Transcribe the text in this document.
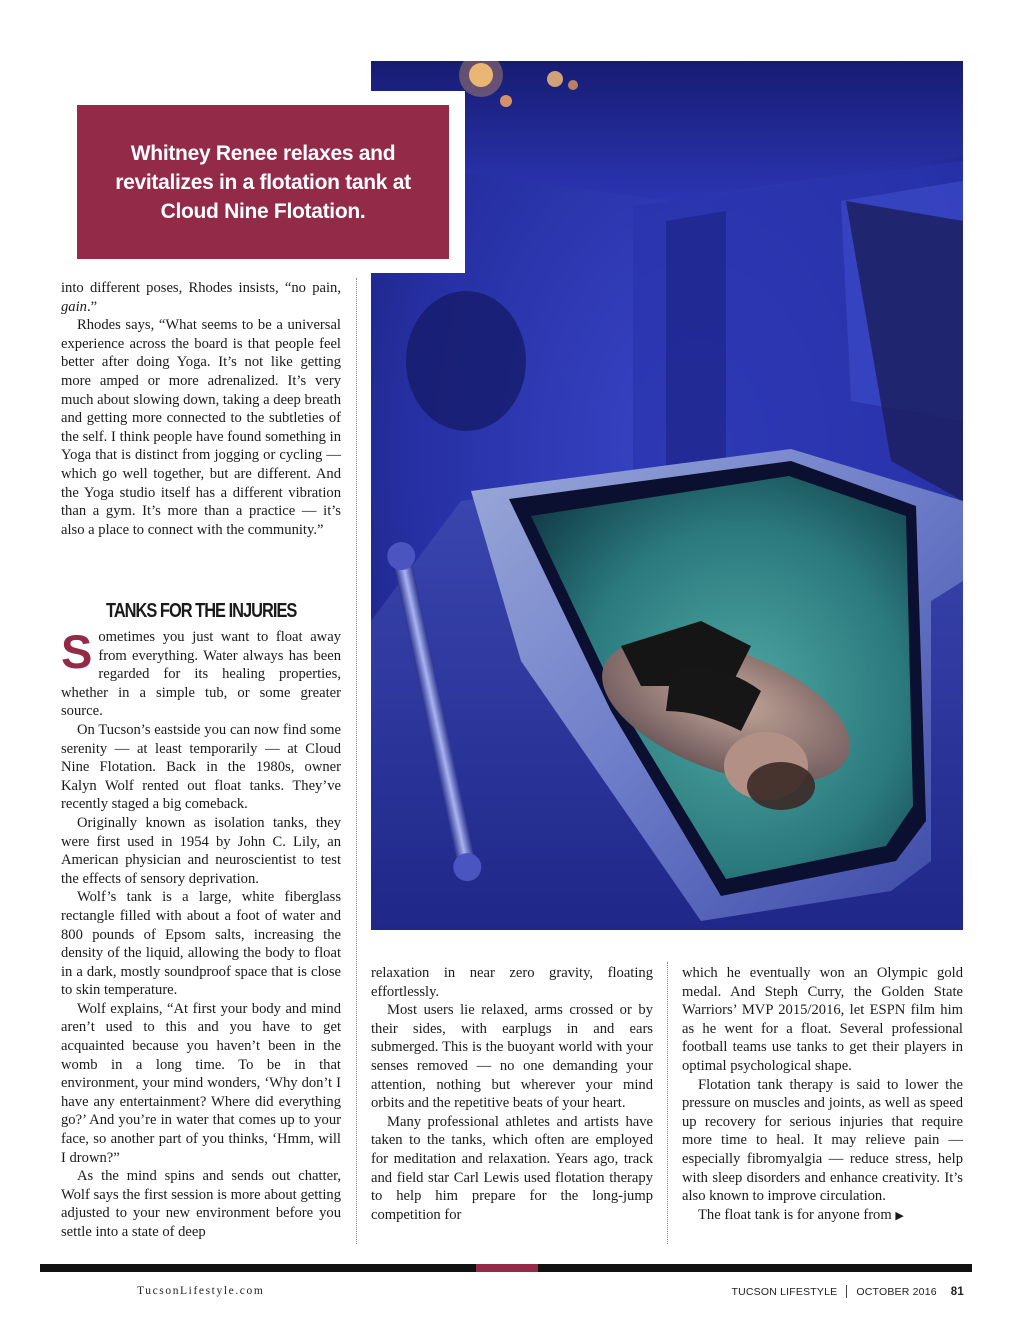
Whitney Renee relaxes and revitalizes in a flotation tank at Cloud Nine Flotation.

into different poses, Rhodes insists, “no pain, gain.”

Rhodes says, “What seems to be a universal experience across the board is that people feel better after doing Yoga. It’s not like getting more amped or more adrenalized. It’s very much about slowing down, taking a deep breath and getting more connected to the subtleties of the self. I think people have found something in Yoga that is distinct from jogging or cycling — which go well together, but are different. And the Yoga studio itself has a different vibration than a gym. It’s more than a practice — it’s also a place to connect with the community.”

TANKS FOR THE INJURIES

Sometimes you just want to float away from everything. Water always has been regarded for its healing properties, whether in a simple tub, or some greater source.

On Tucson’s eastside you can now find some serenity — at least temporarily — at Cloud Nine Flotation. Back in the 1980s, owner Kalyn Wolf rented out float tanks. They’ve recently staged a big comeback.

Originally known as isolation tanks, they were first used in 1954 by John C. Lily, an American physician and neuroscientist to test the effects of sensory deprivation.

Wolf’s tank is a large, white fiberglass rectangle filled with about a foot of water and 800 pounds of Epsom salts, increasing the density of the liquid, allowing the body to float in a dark, mostly soundproof space that is close to skin temperature.

Wolf explains, “At first your body and mind aren’t used to this and you have to get acquainted because you haven’t been in the womb in a long time. To be in that environment, your mind wonders, ‘Why don’t I have any entertainment? Where did everything go?’ And you’re in water that comes up to your face, so another part of you thinks, ‘Hmm, will I drown?”

As the mind spins and sends out chatter, Wolf says the first session is more about getting adjusted to your new environment before you settle into a state of deep

relaxation in near zero gravity, floating effortlessly.

Most users lie relaxed, arms crossed or by their sides, with earplugs in and ears submerged. This is the buoyant world with your senses removed — no one demanding your attention, nothing but wherever your mind orbits and the repetitive beats of your heart.

Many professional athletes and artists have taken to the tanks, which often are employed for meditation and relaxation. Years ago, track and field star Carl Lewis used flotation therapy to help him prepare for the long-jump competition for

which he eventually won an Olympic gold medal. And Steph Curry, the Golden State Warriors’ MVP 2015/2016, let ESPN film him as he went for a float. Several professional football teams use tanks to get their players in optimal psychological shape.

Flotation tank therapy is said to lower the pressure on muscles and joints, as well as speed up recovery for serious injuries that require more time to heal. It may relieve pain — especially fibromyalgia — reduce stress, help with sleep disorders and enhance creativity. It’s also known to improve circulation.

The float tank is for anyone from ▶

TucsonLifestyle.com	TUCSON LIFESTYLE OCTOBER 2016 81
